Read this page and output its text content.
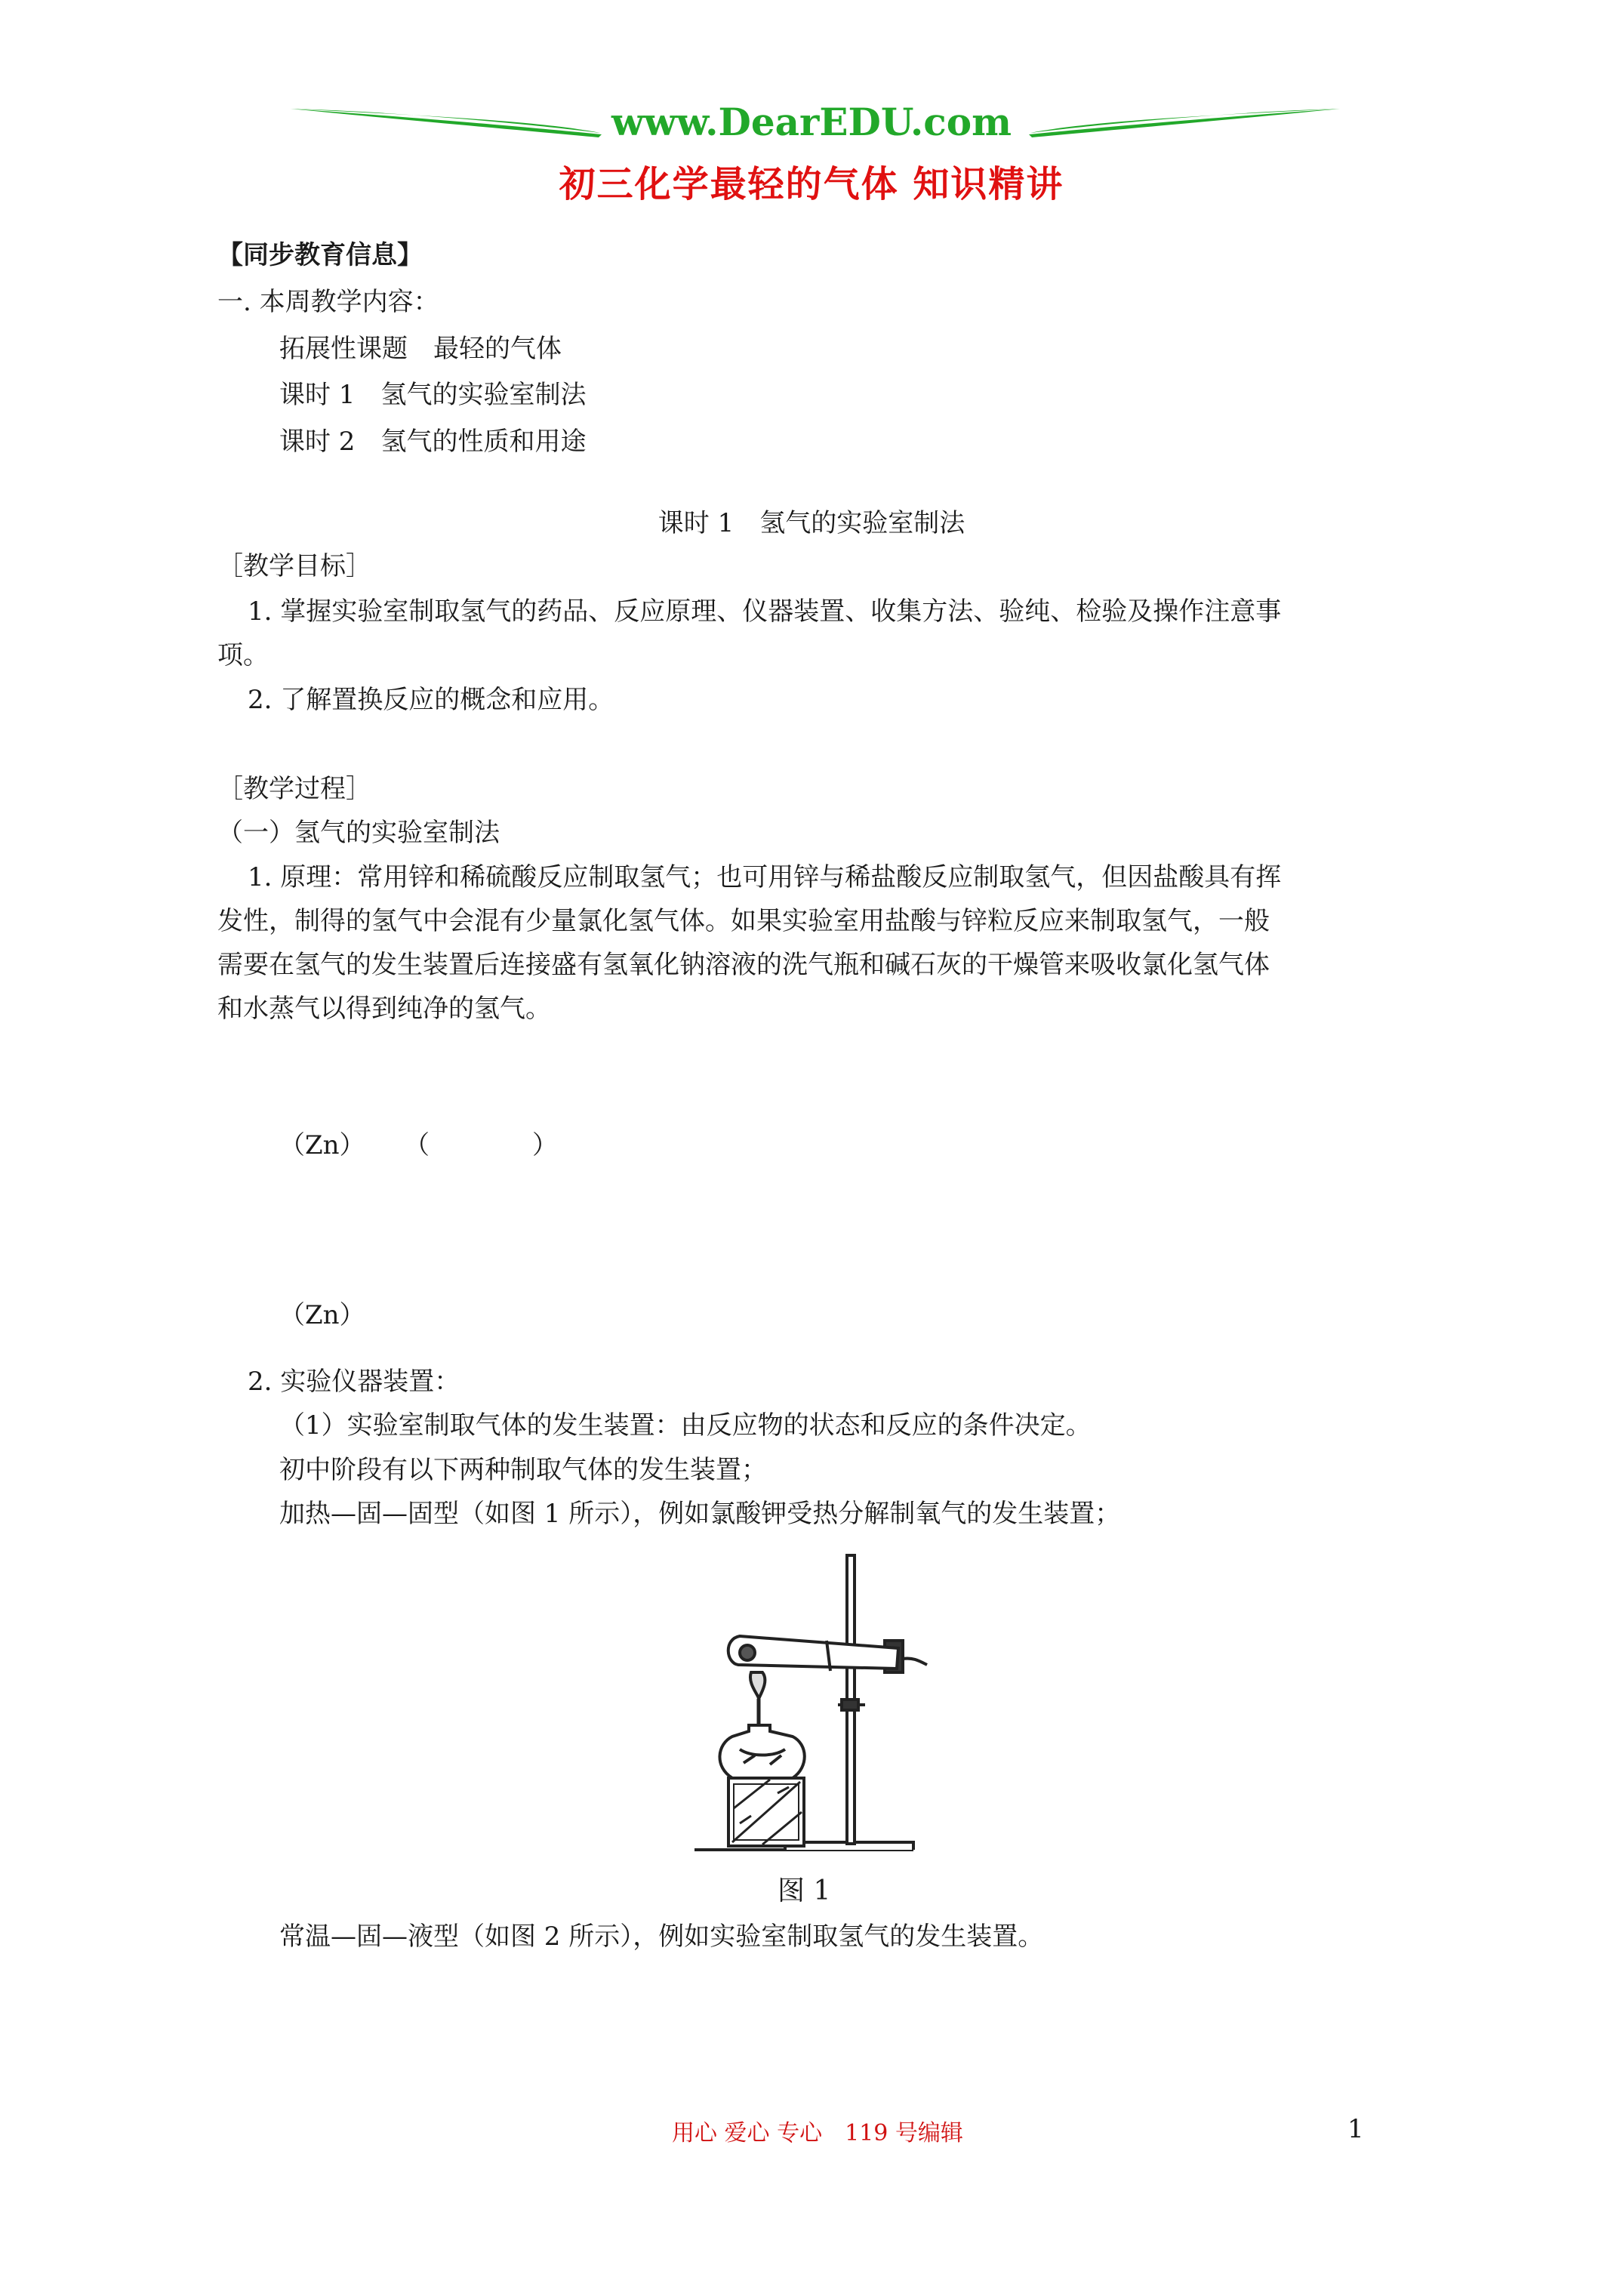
www.DearEDU.com
初三化学最轻的气体 知识精讲
【同步教育信息】
一. 本周教学内容：
拓展性课题　最轻的气体
课时 1　氢气的实验室制法
课时 2　氢气的性质和用途
课时 1　氢气的实验室制法
［教学目标］
1. 掌握实验室制取氢气的药品、反应原理、仪器装置、收集方法、验纯、检验及操作注意事
项。
2. 了解置换反应的概念和应用。
［教学过程］
（一）氢气的实验室制法
1. 原理：常用锌和稀硫酸反应制取氢气；也可用锌与稀盐酸反应制取氢气，但因盐酸具有挥
发性，制得的氢气中会混有少量氯化氢气体。如果实验室用盐酸与锌粒反应来制取氢气，一般
需要在氢气的发生装置后连接盛有氢氧化钠溶液的洗气瓶和碱石灰的干燥管来吸收氯化氢气体
和水蒸气以得到纯净的氢气。
（Zn） （　　　　）
（Zn）
2. 实验仪器装置：
（1）实验室制取气体的发生装置：由反应物的状态和反应的条件决定。
初中阶段有以下两种制取气体的发生装置；
加热—固—固型（如图 1 所示），例如氯酸钾受热分解制氧气的发生装置；
图 1
常温—固—液型（如图 2 所示），例如实验室制取氢气的发生装置。
用心 爱心 专心　119 号编辑	1
